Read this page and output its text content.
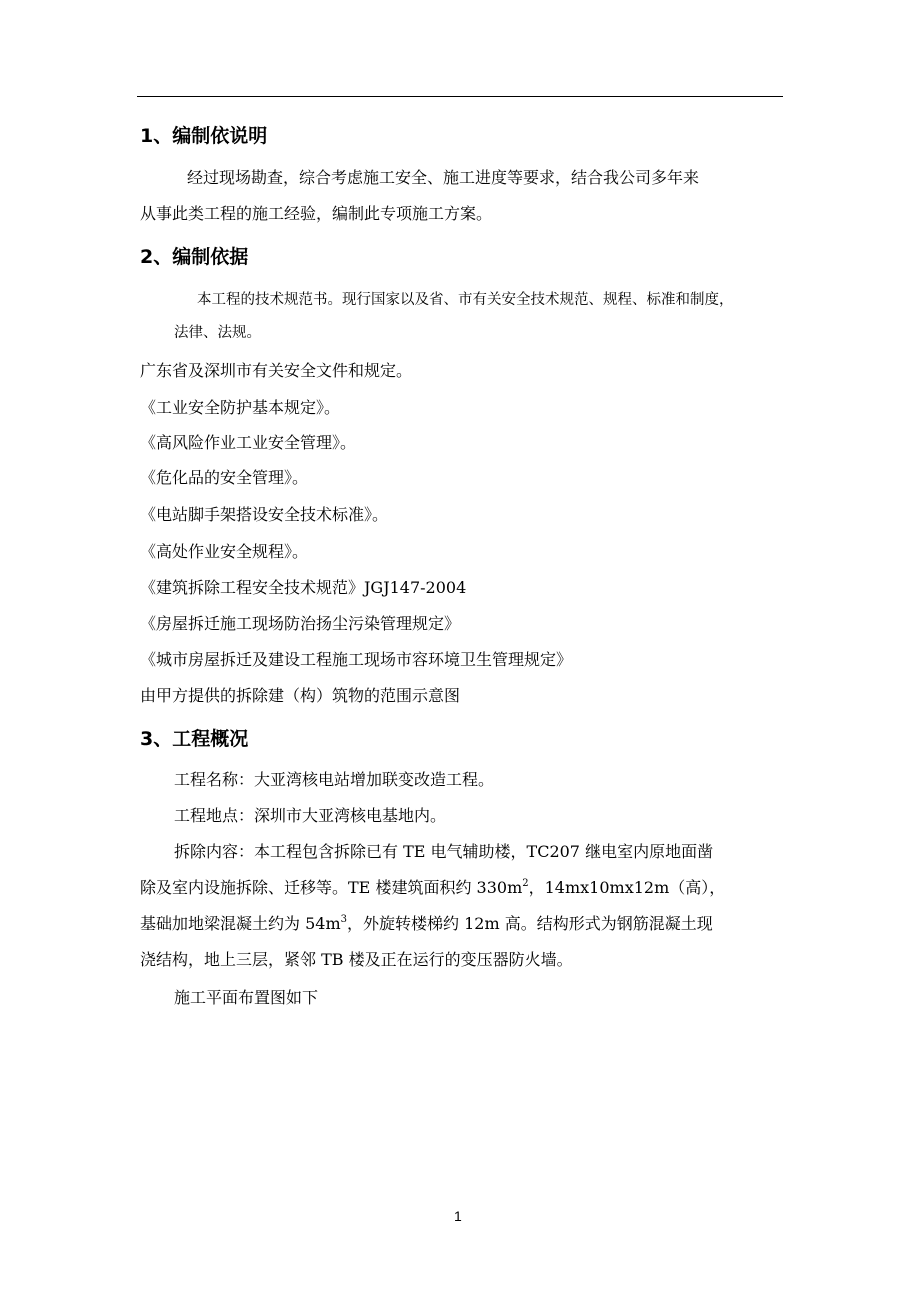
1、编制依说明
经过现场勘查，综合考虑施工安全、施工进度等要求，结合我公司多年来
从事此类工程的施工经验，编制此专项施工方案。
2、编制依据
本工程的技术规范书。现行国家以及省、市有关安全技术规范、规程、标准和制度，
法律、法规。
广东省及深圳市有关安全文件和规定。
《工业安全防护基本规定》。
《高风险作业工业安全管理》。
《危化品的安全管理》。
《电站脚手架搭设安全技术标准》。
《高处作业安全规程》。
《建筑拆除工程安全技术规范》JGJ147-2004
《房屋拆迁施工现场防治扬尘污染管理规定》
《城市房屋拆迁及建设工程施工现场市容环境卫生管理规定》
由甲方提供的拆除建（构）筑物的范围示意图
3、工程概况
工程名称：大亚湾核电站增加联变改造工程。
工程地点：深圳市大亚湾核电基地内。
拆除内容：本工程包含拆除已有 TE 电气辅助楼，TC207 继电室内原地面凿
除及室内设施拆除、迁移等。TE 楼建筑面积约 $330m^2$，14mx10mx12m（高），
基础加地梁混凝土约为 $54m^3$，外旋转楼梯约 12m 高。结构形式为钢筋混凝土现
浇结构，地上三层，紧邻 TB 楼及正在运行的变压器防火墙。
施工平面布置图如下
1
